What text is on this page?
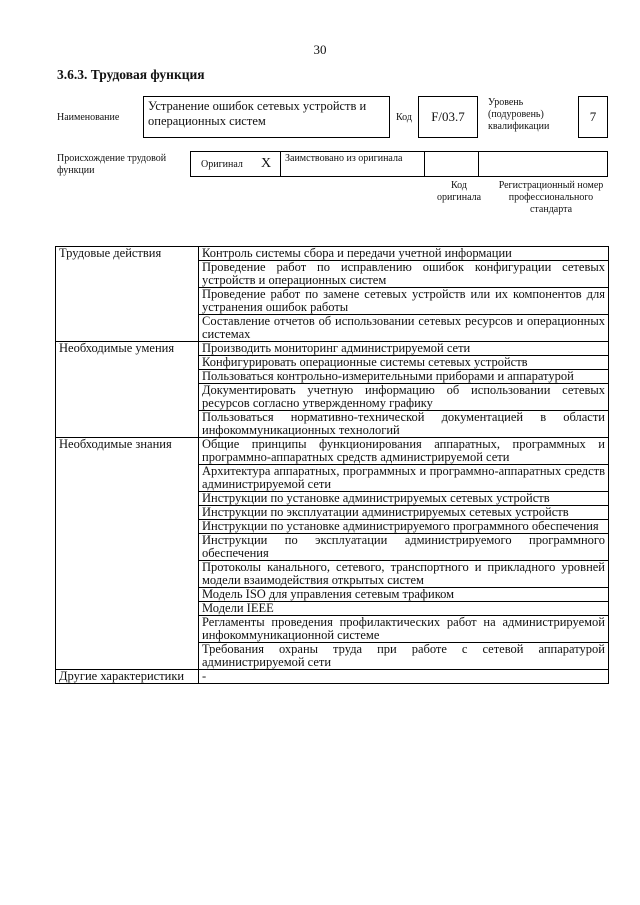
30
3.6.3. Трудовая функция
Наименование
Устранение ошибок сетевых устройств и операционных систем	Код	F/03.7
Уровень (подуровень) квалификации
7
Происхождение трудовой функции
Оригинал X	Заимствовано из оригинала
Код оригинала
Регистрационный номер профессионального стандарта
Трудовые действия	Контроль системы сбора и передачи учетной информации
	Проведение работ по исправлению ошибок конфигурации сетевых устройств и операционных систем
	Проведение работ по замене сетевых устройств или их компонентов для устранения ошибок работы
	Составление отчетов об использовании сетевых ресурсов и операционных системах
Необходимые умения	Производить мониторинг администрируемой сети
	Конфигурировать операционные системы сетевых устройств
	Пользоваться контрольно-измерительными приборами и аппаратурой
	Документировать учетную информацию об использовании сетевых ресурсов согласно утвержденному графику
	Пользоваться нормативно-технической документацией в области инфокоммуникационных технологий
Необходимые знания	Общие принципы функционирования аппаратных, программных и программно-аппаратных средств администрируемой сети
	Архитектура аппаратных, программных и программно-аппаратных средств администрируемой сети
	Инструкции по установке администрируемых сетевых устройств
	Инструкции по эксплуатации администрируемых сетевых устройств
	Инструкции по установке администрируемого программного обеспечения
	Инструкции по эксплуатации администрируемого программного обеспечения
	Протоколы канального, сетевого, транспортного и прикладного уровней модели взаимодействия открытых систем
	Модель ISO для управления сетевым трафиком
	Модели IEEE
	Регламенты проведения профилактических работ на администрируемой инфокоммуникационной системе
	Требования охраны труда при работе с сетевой аппаратурой администрируемой сети
Другие характеристики	-
